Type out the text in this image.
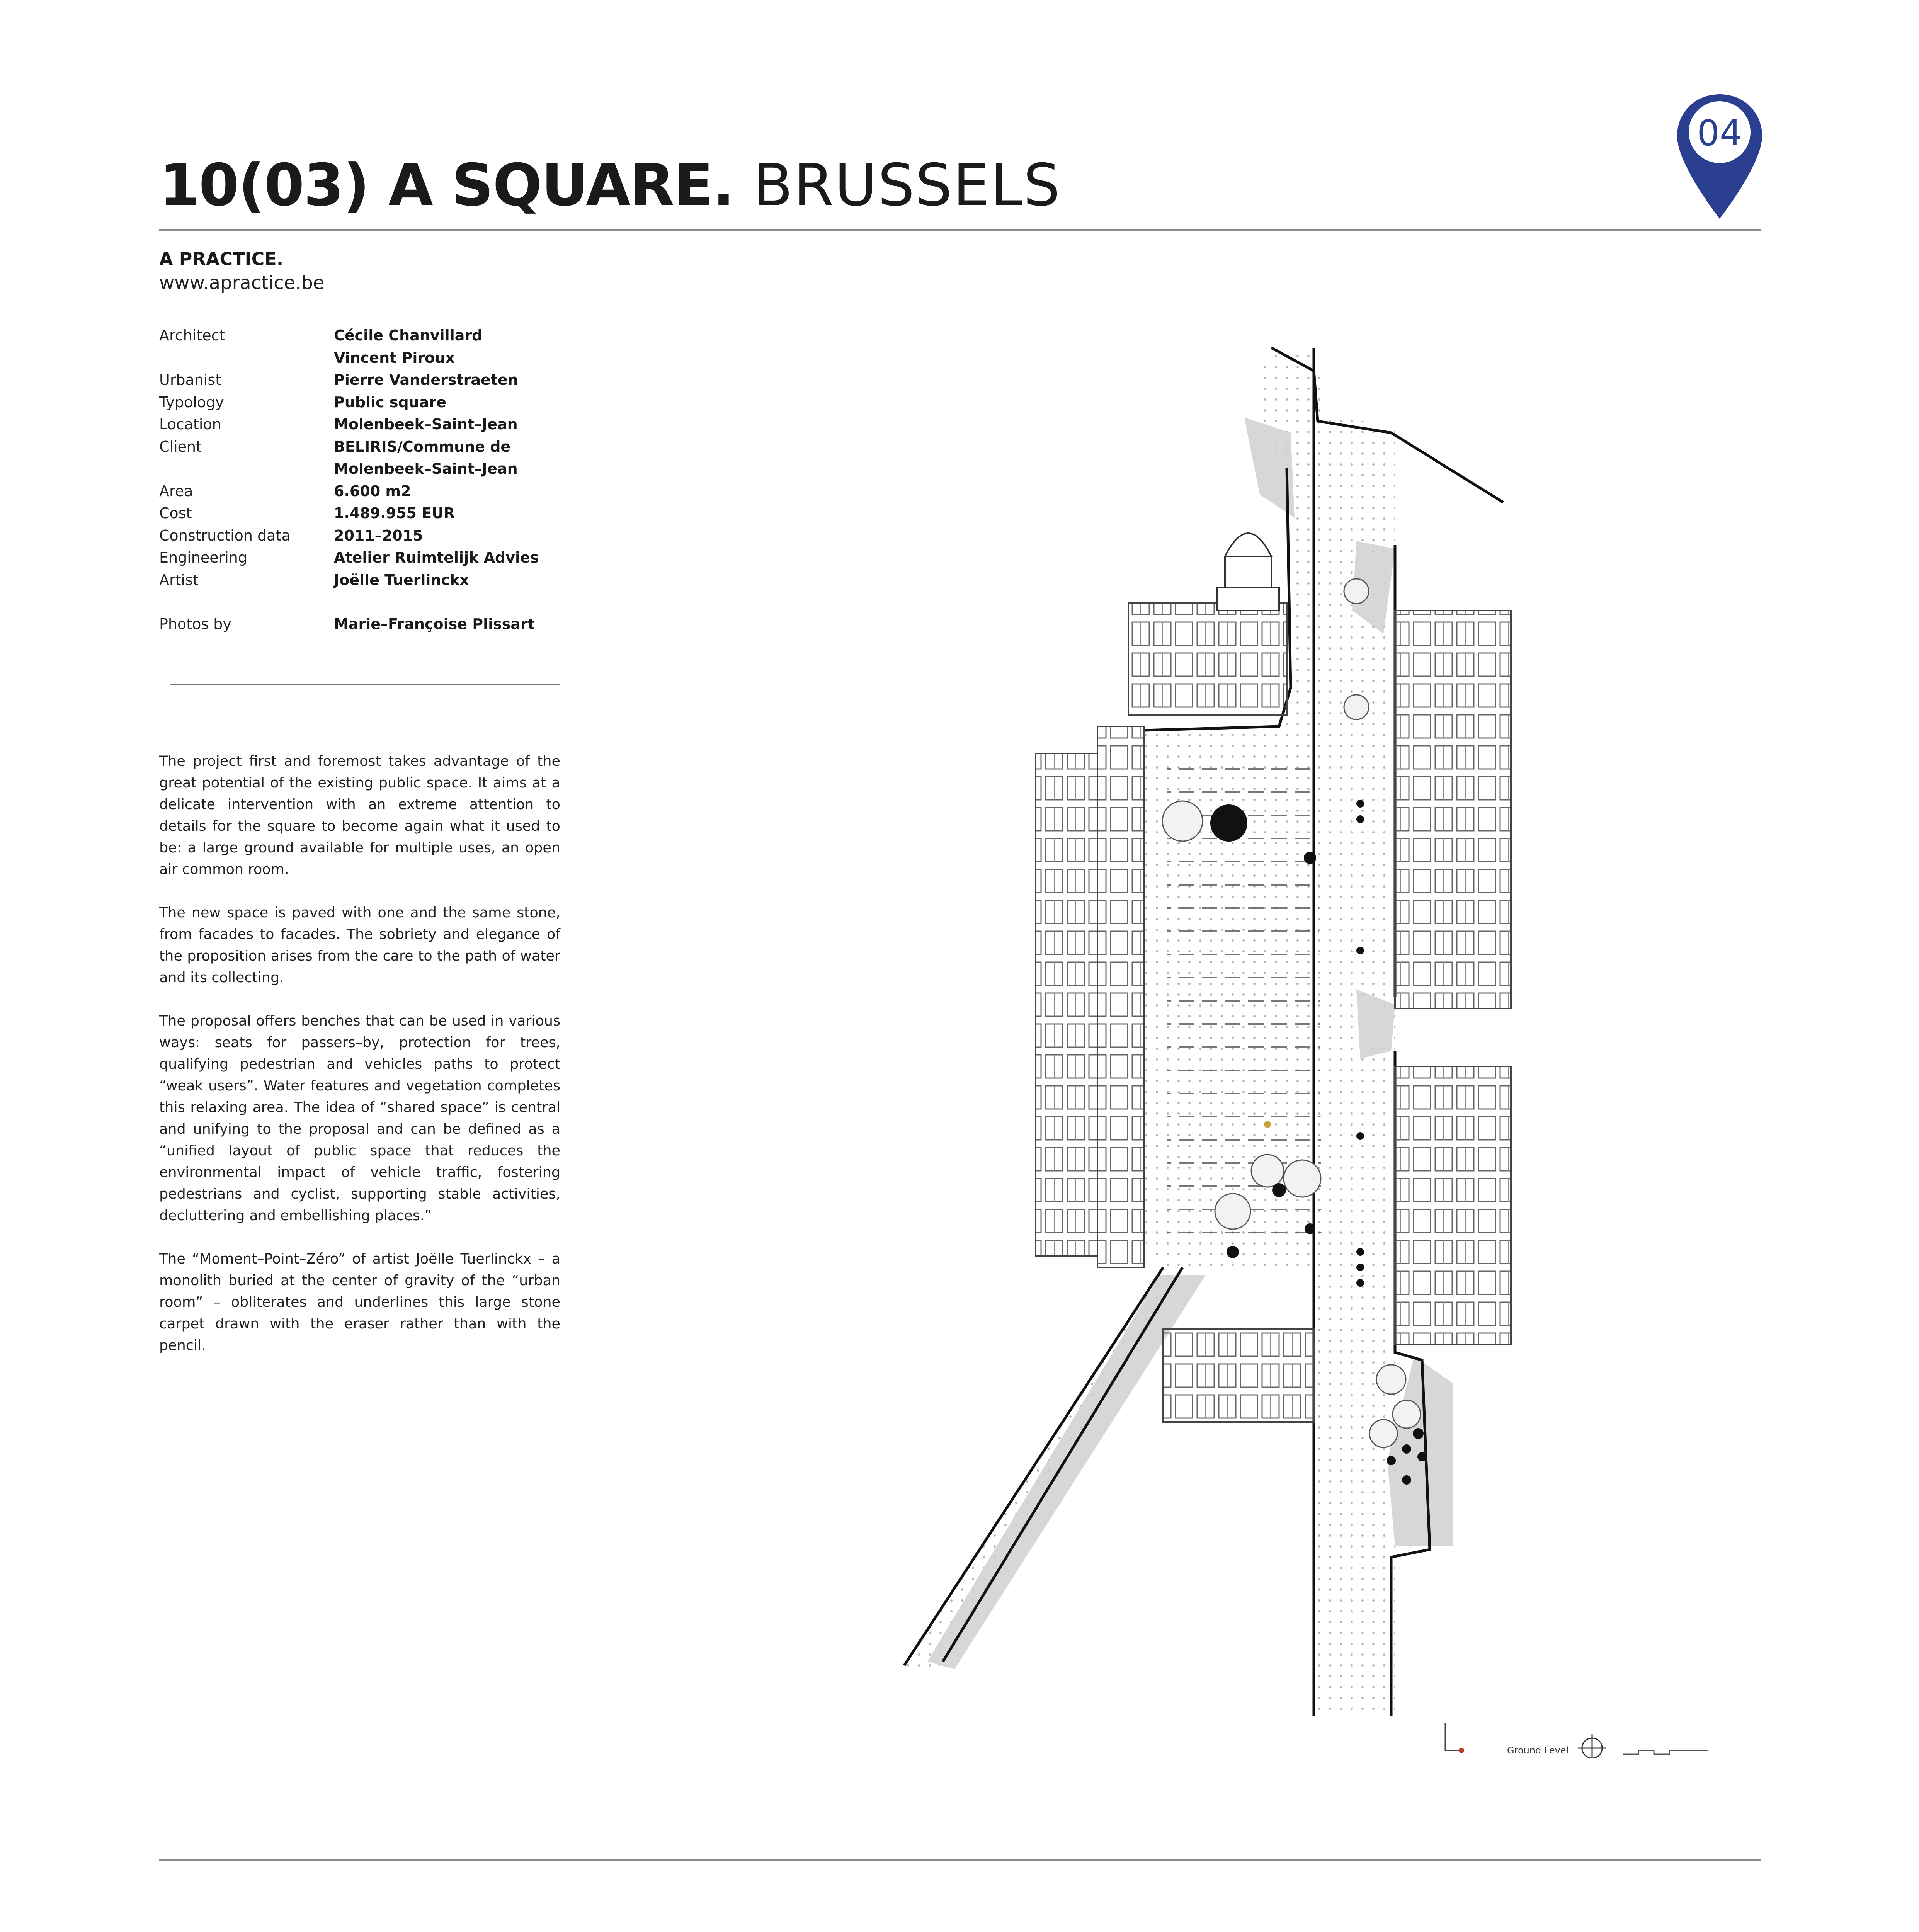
10(03) A SQUARE. BRUSSELS
04
A PRACTICE.
www.apractice.be
Architect	Cécile Chanvillard
Vincent Piroux
Urbanist	Pierre Vanderstraeten
Typology	Public square
Location	Molenbeek–Saint–Jean
Client	BELIRIS/Commune de
Molenbeek–Saint–Jean
Area	6.600 m2
Cost	1.489.955 EUR
Construction data	2011–2015
Engineering	Atelier Ruimtelijk Advies
Artist	Joëlle Tuerlinckx
Photos by	Marie–Françoise Plissart

The project first and foremost takes advantage of the great potential of the existing public space. It aims at a delicate intervention with an extreme attention to details for the square to become again what it used to be: a large ground available for multiple uses, an open air common room.

The new space is paved with one and the same stone, from facades to facades. The sobriety and elegance of the proposition arises from the care to the path of water and its collecting.

The proposal offers benches that can be used in various ways: seats for passers–by, protection for trees, qualifying pedestrian and vehicles paths to protect “weak users”. Water features and vegetation completes this relaxing area. The idea of “shared space” is central and unifying to the proposal and can be defined as a “unified layout of public space that reduces the environmental impact of vehicle traffic, fostering pedestrians and cyclist, supporting stable activities, decluttering and embellishing places.”

The “Moment–Point–Zéro” of artist Joëlle Tuerlinckx – a monolith buried at the center of gravity of the “urban room” – obliterates and underlines this large stone carpet drawn with the eraser rather than with the pencil.

Ground Level
